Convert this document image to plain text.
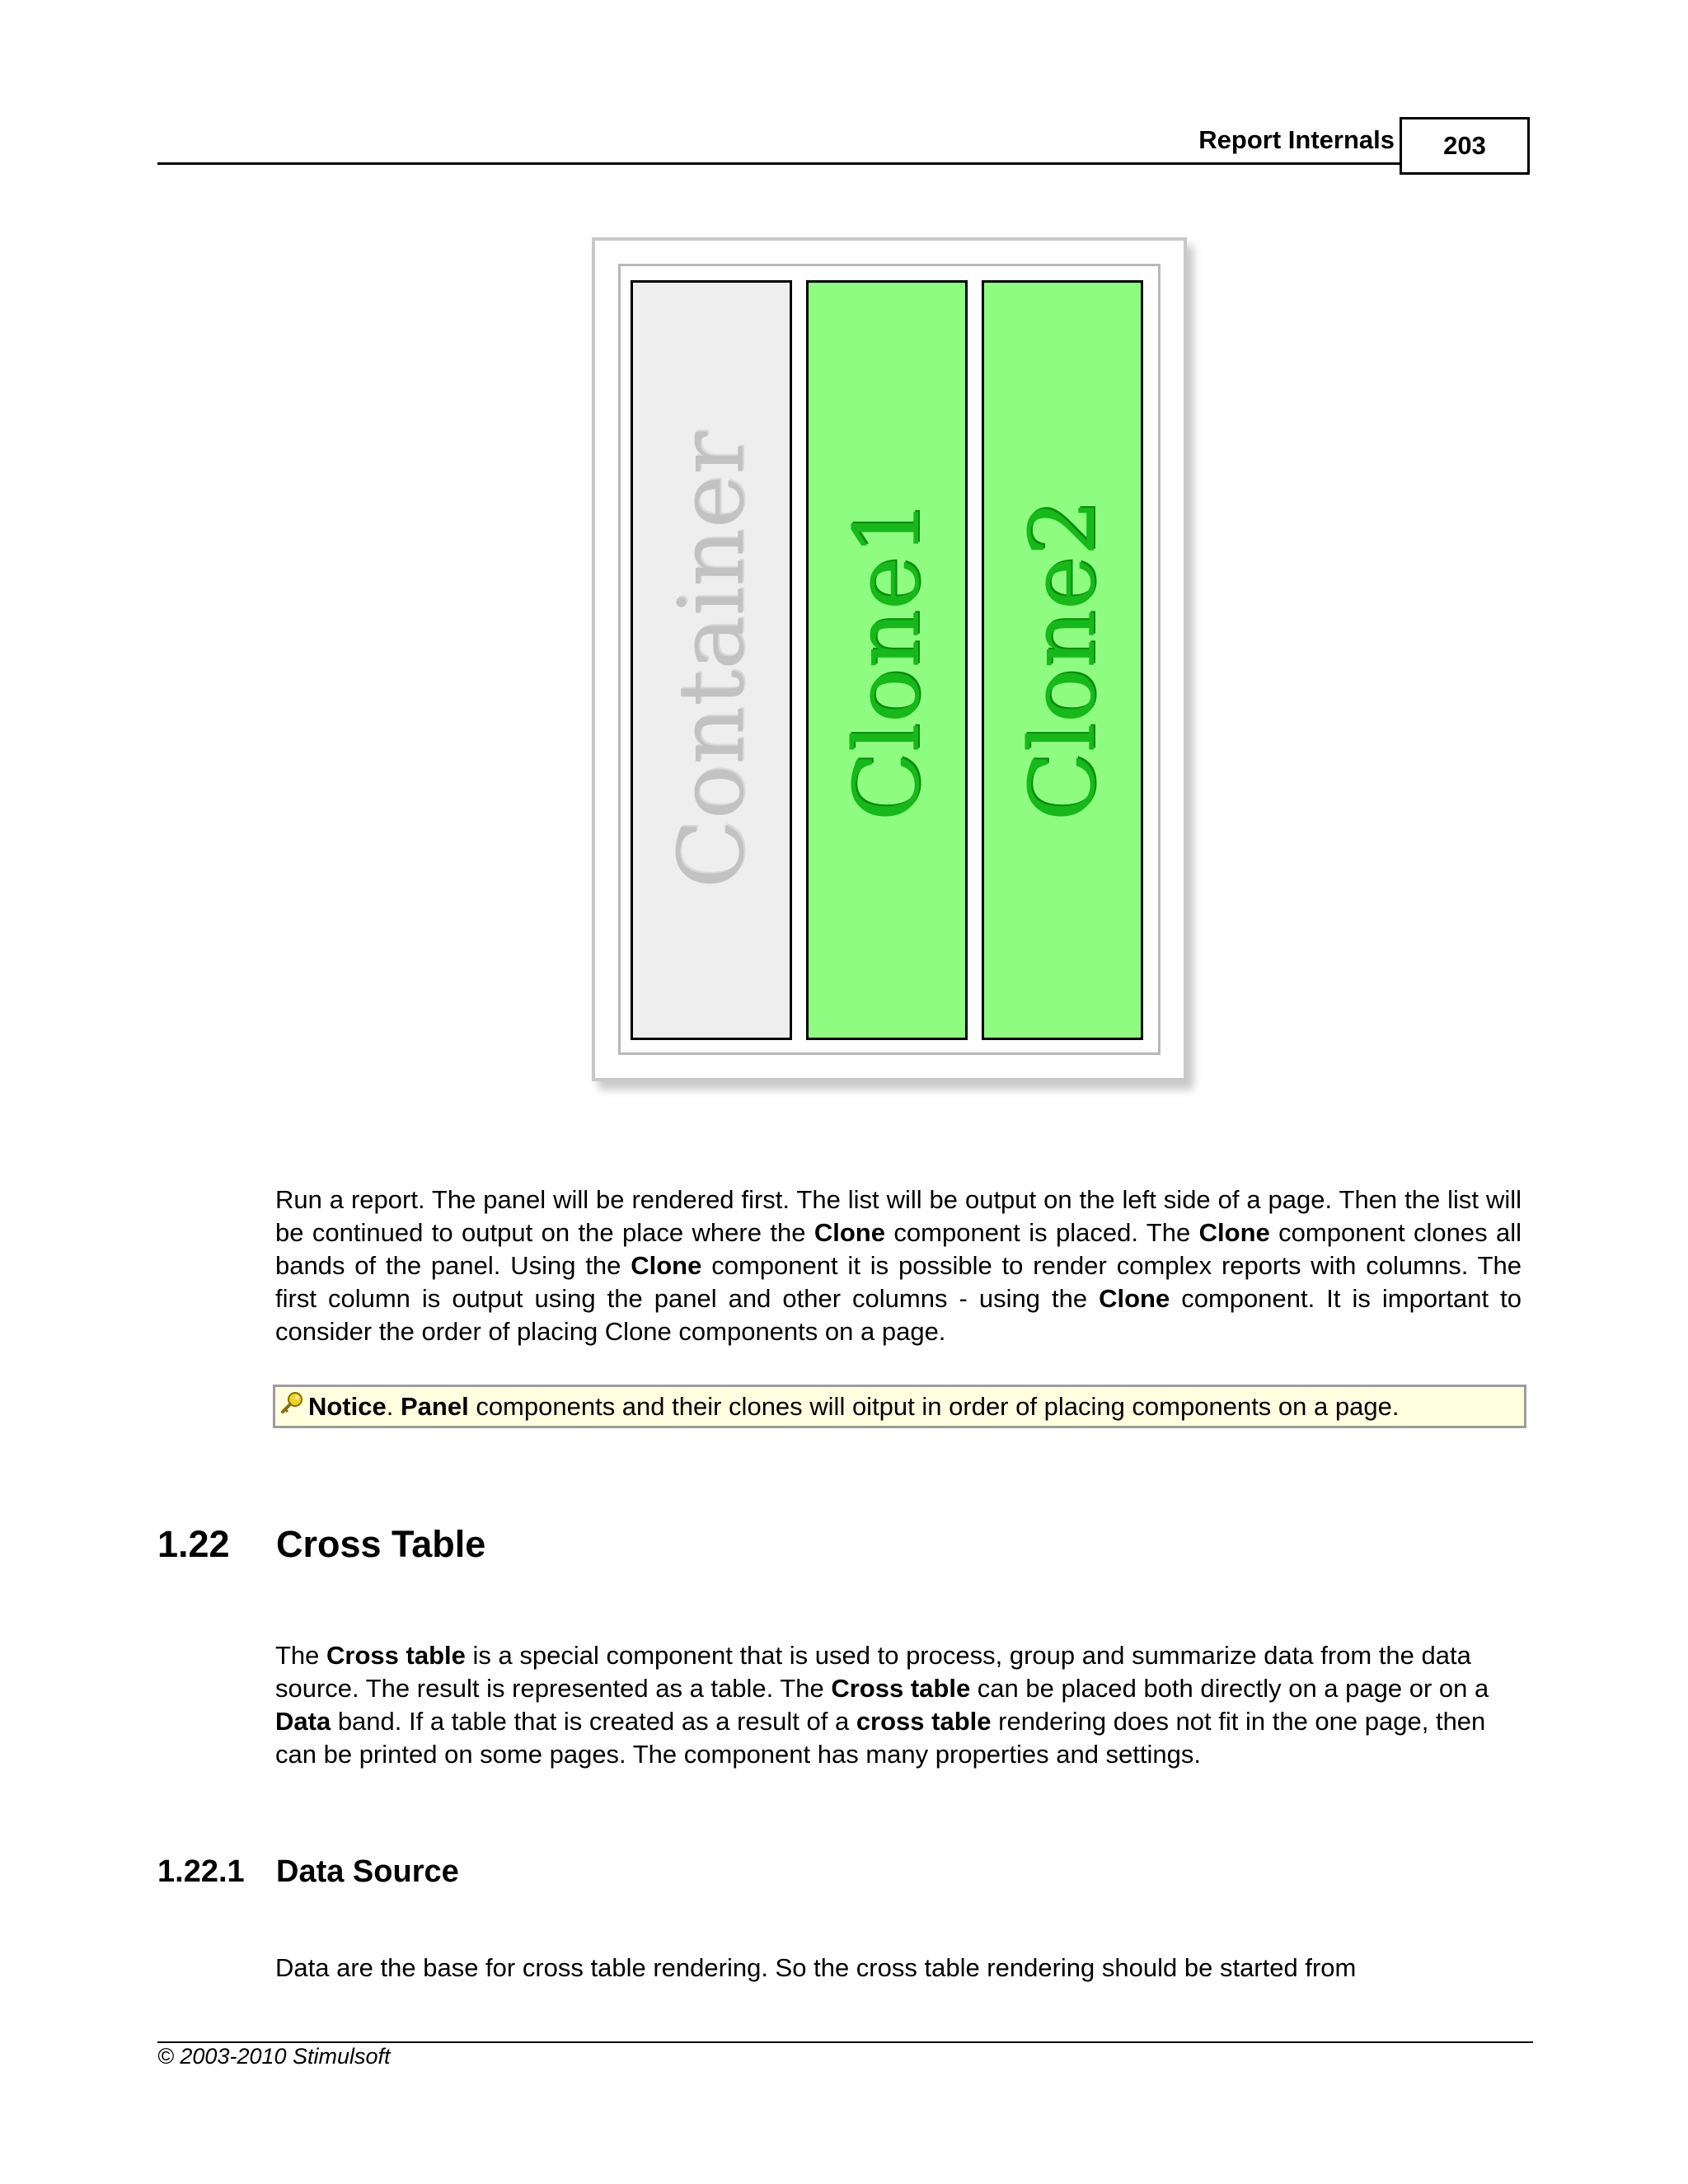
Report Internals 203
Container Clone1 Clone2
Run a report. The panel will be rendered first. The list will be output on the left side of a page. Then the list will be continued to output on the place where the Clone component is placed. The Clone component clones all bands of the panel. Using the Clone component it is possible to render complex reports with columns. The first column is output using the panel and other columns - using the Clone component. It is important to consider the order of placing Clone components on a page.
Notice. Panel components and their clones will oitput in order of placing components on a page.
1.22 Cross Table
The Cross table is a special component that is used to process, group and summarize data from the data source. The result is represented as a table. The Cross table can be placed both directly on a page or on a Data band. If a table that is created as a result of a cross table rendering does not fit in the one page, then can be printed on some pages. The component has many properties and settings.
1.22.1 Data Source
Data are the base for cross table rendering. So the cross table rendering should be started from
© 2003-2010 Stimulsoft
